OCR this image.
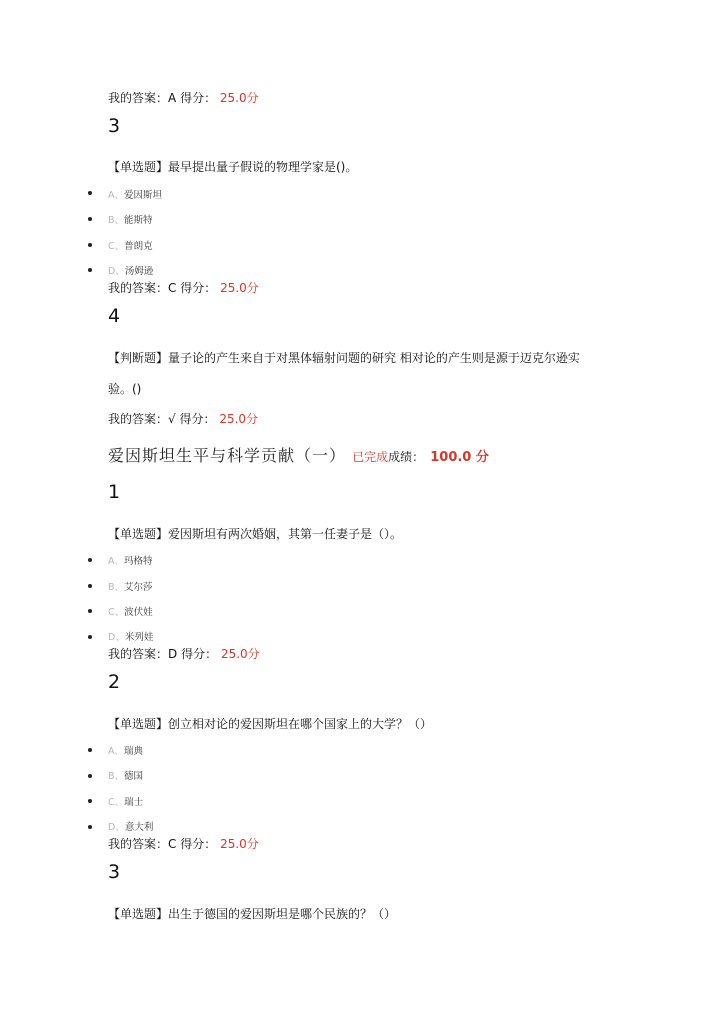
我的答案：A 得分： 25.0分
3
【单选题】最早提出量子假说的物理学家是()。
A、爱因斯坦
B、能斯特
C、普朗克
D、汤姆逊
我的答案：C 得分： 25.0分
4
【判断题】量子论的产生来自于对黑体辐射问题的研究 相对论的产生则是源于迈克尔逊实
验。()
我的答案：√ 得分： 25.0分
爱因斯坦生平与科学贡献（一） 已完成成绩： 100.0 分
1
【单选题】爱因斯坦有两次婚姻，其第一任妻子是（）。
A、玛格特
B、艾尔莎
C、波伏娃
D、米列娃
我的答案：D 得分： 25.0分
2
【单选题】创立相对论的爱因斯坦在哪个国家上的大学？（）
A、瑞典
B、德国
C、瑞士
D、意大利
我的答案：C 得分： 25.0分
3
【单选题】出生于德国的爱因斯坦是哪个民族的？（）
